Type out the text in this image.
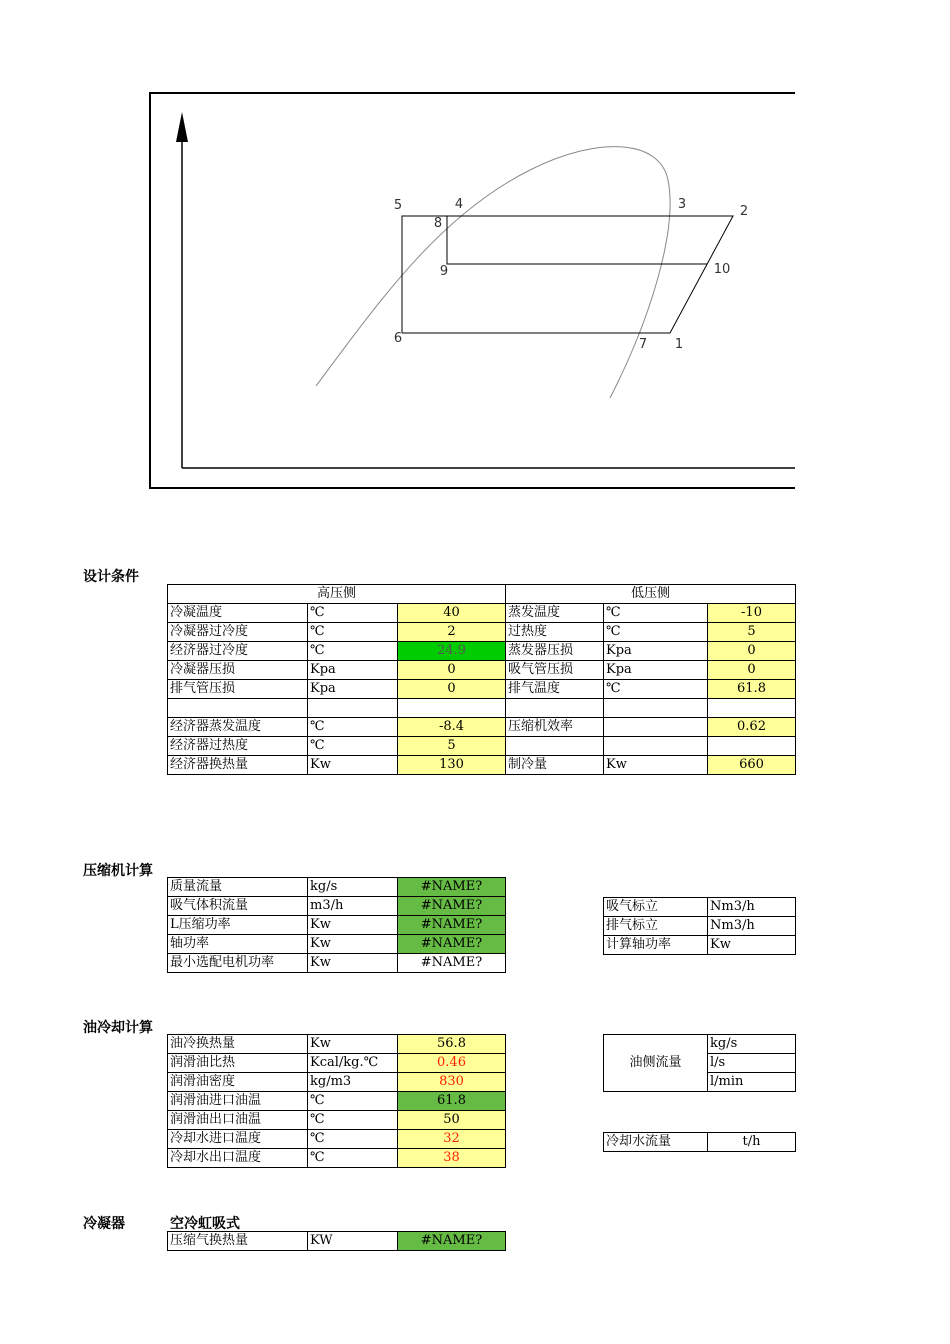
1
2
3
4
5
6	7
8
9	10
设计条件
高压侧			低压侧		
冷凝温度	℃	40	蒸发温度	℃	-10
冷凝器过冷度	℃	2	过热度	℃	5
经济器过冷度	℃	24.9	蒸发器压损	Kpa	0
冷凝器压损	Kpa	0	吸气管压损	Kpa	0
排气管压损	Kpa	0	排气温度	℃	61.8

经济器蒸发温度	℃	-8.4	压缩机效率		0.62
经济器过热度	℃	5			
经济器换热量	Kw	130	制冷量	Kw	660
压缩机计算
质量流量	kg/s	#NAME?
吸气体积流量	m3/h	#NAME?
L压缩功率	Kw	#NAME?
轴功率	Kw	#NAME?
最小选配电机功率	Kw	#NAME?
吸气标立	Nm3/h
排气标立	Nm3/h
计算轴功率	Kw
油冷却计算
油冷换热量	Kw	56.8
润滑油比热	Kcal/kg.℃	0.46
润滑油密度	kg/m3	830
润滑油进口油温	℃	61.8
润滑油出口油温	℃	50
冷却水进口温度	℃	32
冷却水出口温度	℃	38
油侧流量	kg/s
l/s
l/min
冷却水流量	t/h
冷凝器	空冷虹吸式
压缩气换热量	KW	#NAME?
